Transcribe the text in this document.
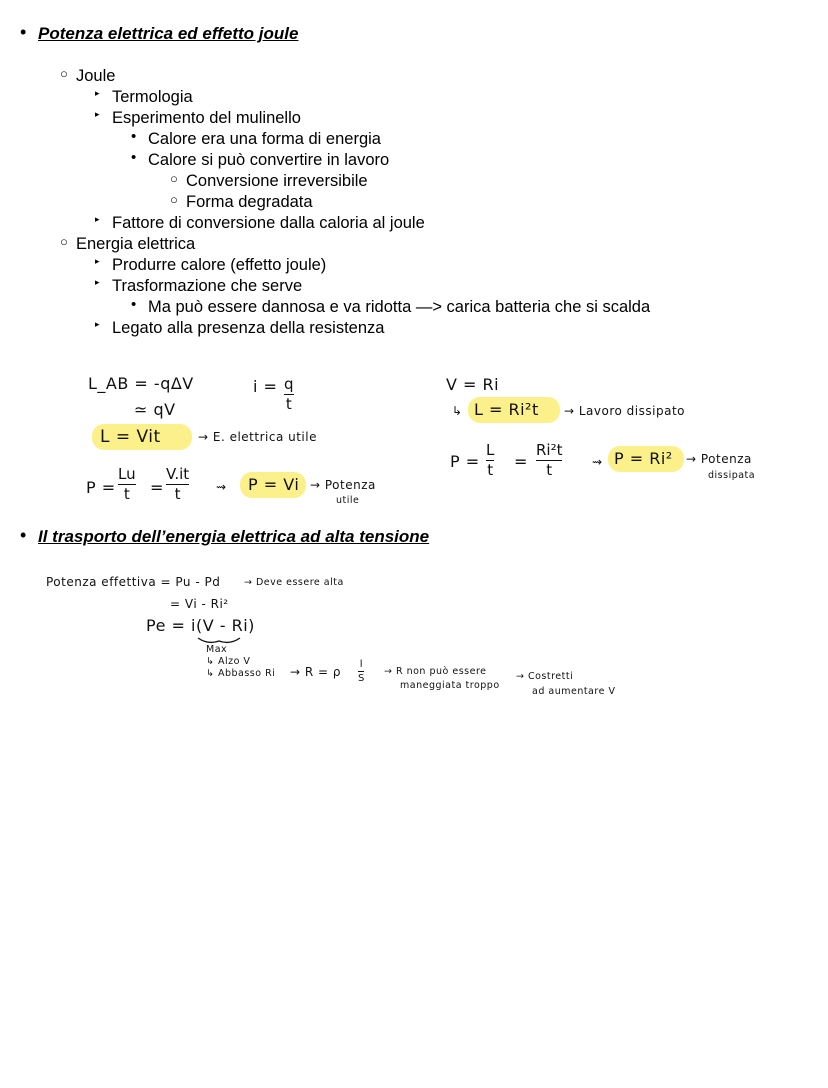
• Potenza elettrica ed effetto joule
○ Joule
▸ Termologia
▸ Esperimento del mulinello
• Calore era una forma di energia
• Calore si può convertire in lavoro
○ Conversione irreversibile
○ Forma degradata
▸ Fattore di conversione dalla caloria al joule
○ Energia elettrica
▸ Produrre calore (effetto joule)
▸ Trasformazione che serve
• Ma può essere dannosa e va ridotta —> carica batteria che si scalda
▸ Legato alla presenza della resistenza
L_AB = -qΔV
≃ qV
L = Vit	→ E. elettrica utile
i = q
t
P =
Lu
t =
V.it
t	⇝ P = Vi → Potenza
utile
V = Ri
↳ L = Ri²t → Lavoro dissipato
P =
L
t =
Ri²t
t	⇝ P = Ri² → Potenza
dissipata
• Il trasporto dell’energia elettrica ad alta tensione
Potenza effettiva = Pu - Pd → Deve essere alta
= Vi - Ri²
Pe = i(V - Ri)
Max
↳ Alzo V
↳ Abbasso Ri → R = ρ
l
S
→ R non può essere
maneggiata troppo
→ Costretti
ad aumentare V
